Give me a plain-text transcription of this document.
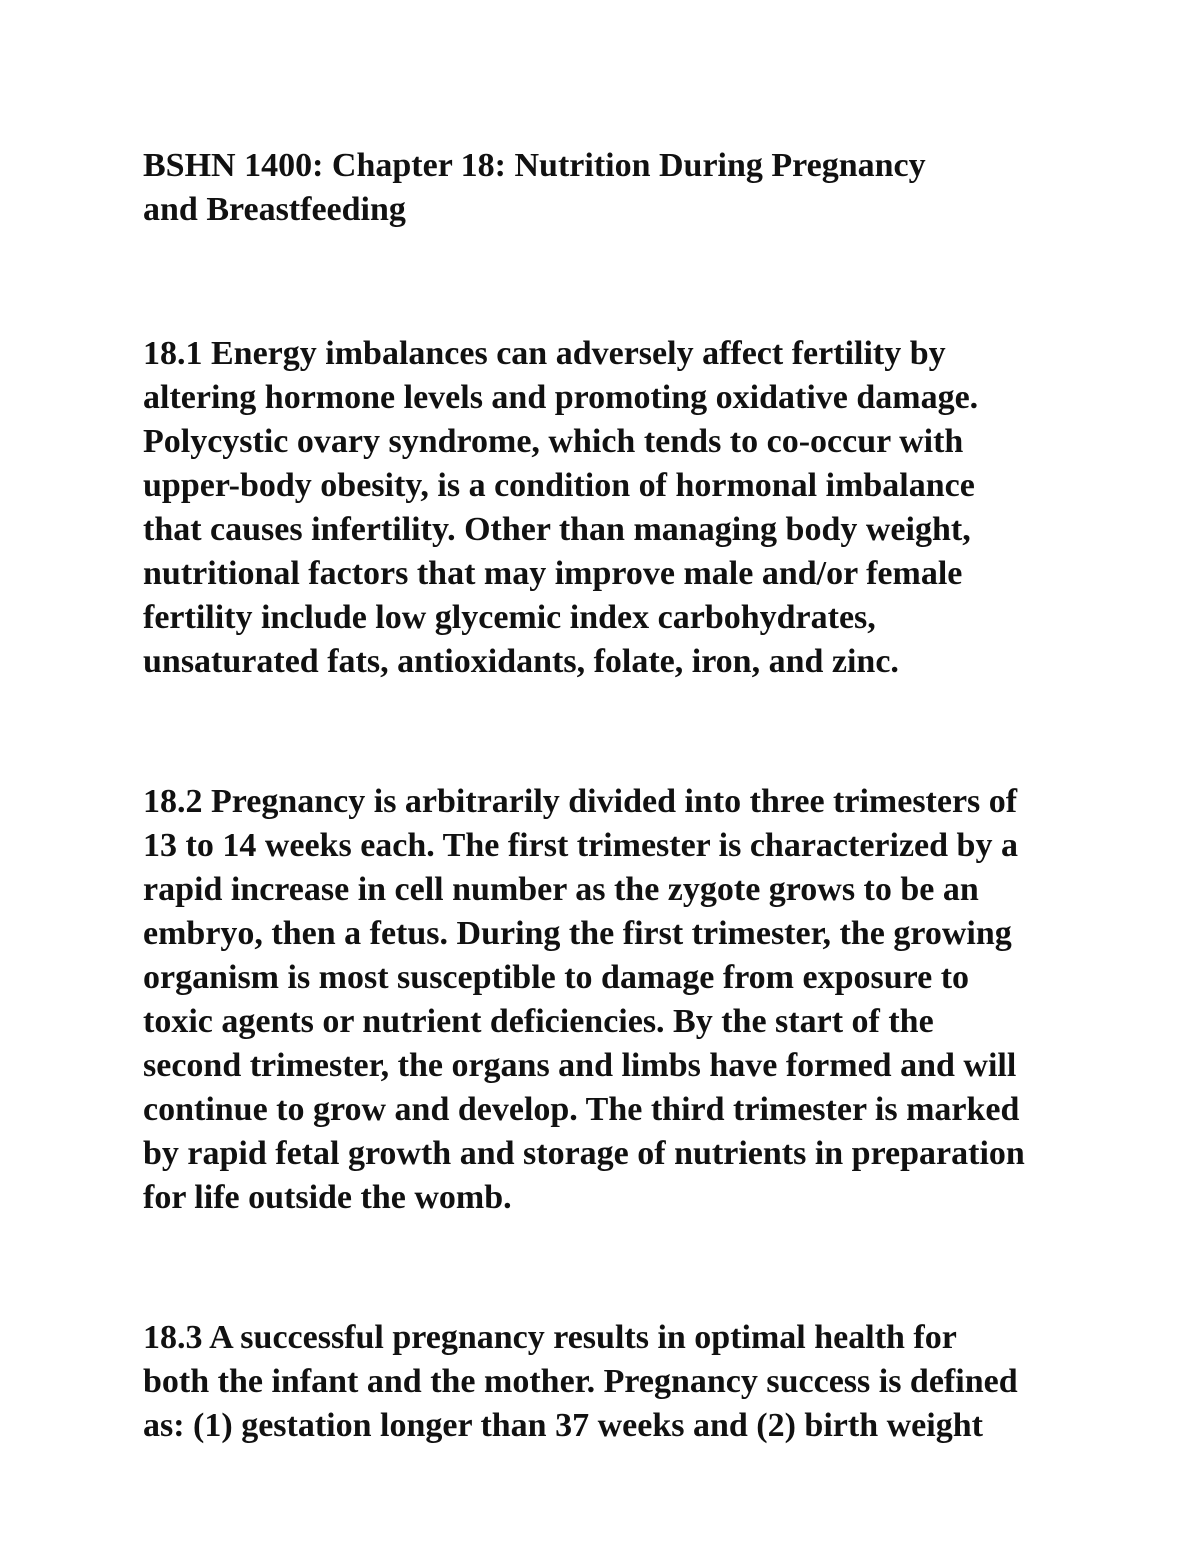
BSHN 1400: Chapter 18: Nutrition During Pregnancy
and Breastfeeding
18.1 Energy imbalances can adversely affect fertility by
altering hormone levels and promoting oxidative damage.
Polycystic ovary syndrome, which tends to co-occur with
upper-body obesity, is a condition of hormonal imbalance
that causes infertility. Other than managing body weight,
nutritional factors that may improve male and/or female
fertility include low glycemic index carbohydrates,
unsaturated fats, antioxidants, folate, iron, and zinc.
18.2 Pregnancy is arbitrarily divided into three trimesters of
13 to 14 weeks each. The first trimester is characterized by a
rapid increase in cell number as the zygote grows to be an
embryo, then a fetus. During the first trimester, the growing
organism is most susceptible to damage from exposure to
toxic agents or nutrient deficiencies. By the start of the
second trimester, the organs and limbs have formed and will
continue to grow and develop. The third trimester is marked
by rapid fetal growth and storage of nutrients in preparation
for life outside the womb.
18.3 A successful pregnancy results in optimal health for
both the infant and the mother. Pregnancy success is defined
as: (1) gestation longer than 37 weeks and (2) birth weight
